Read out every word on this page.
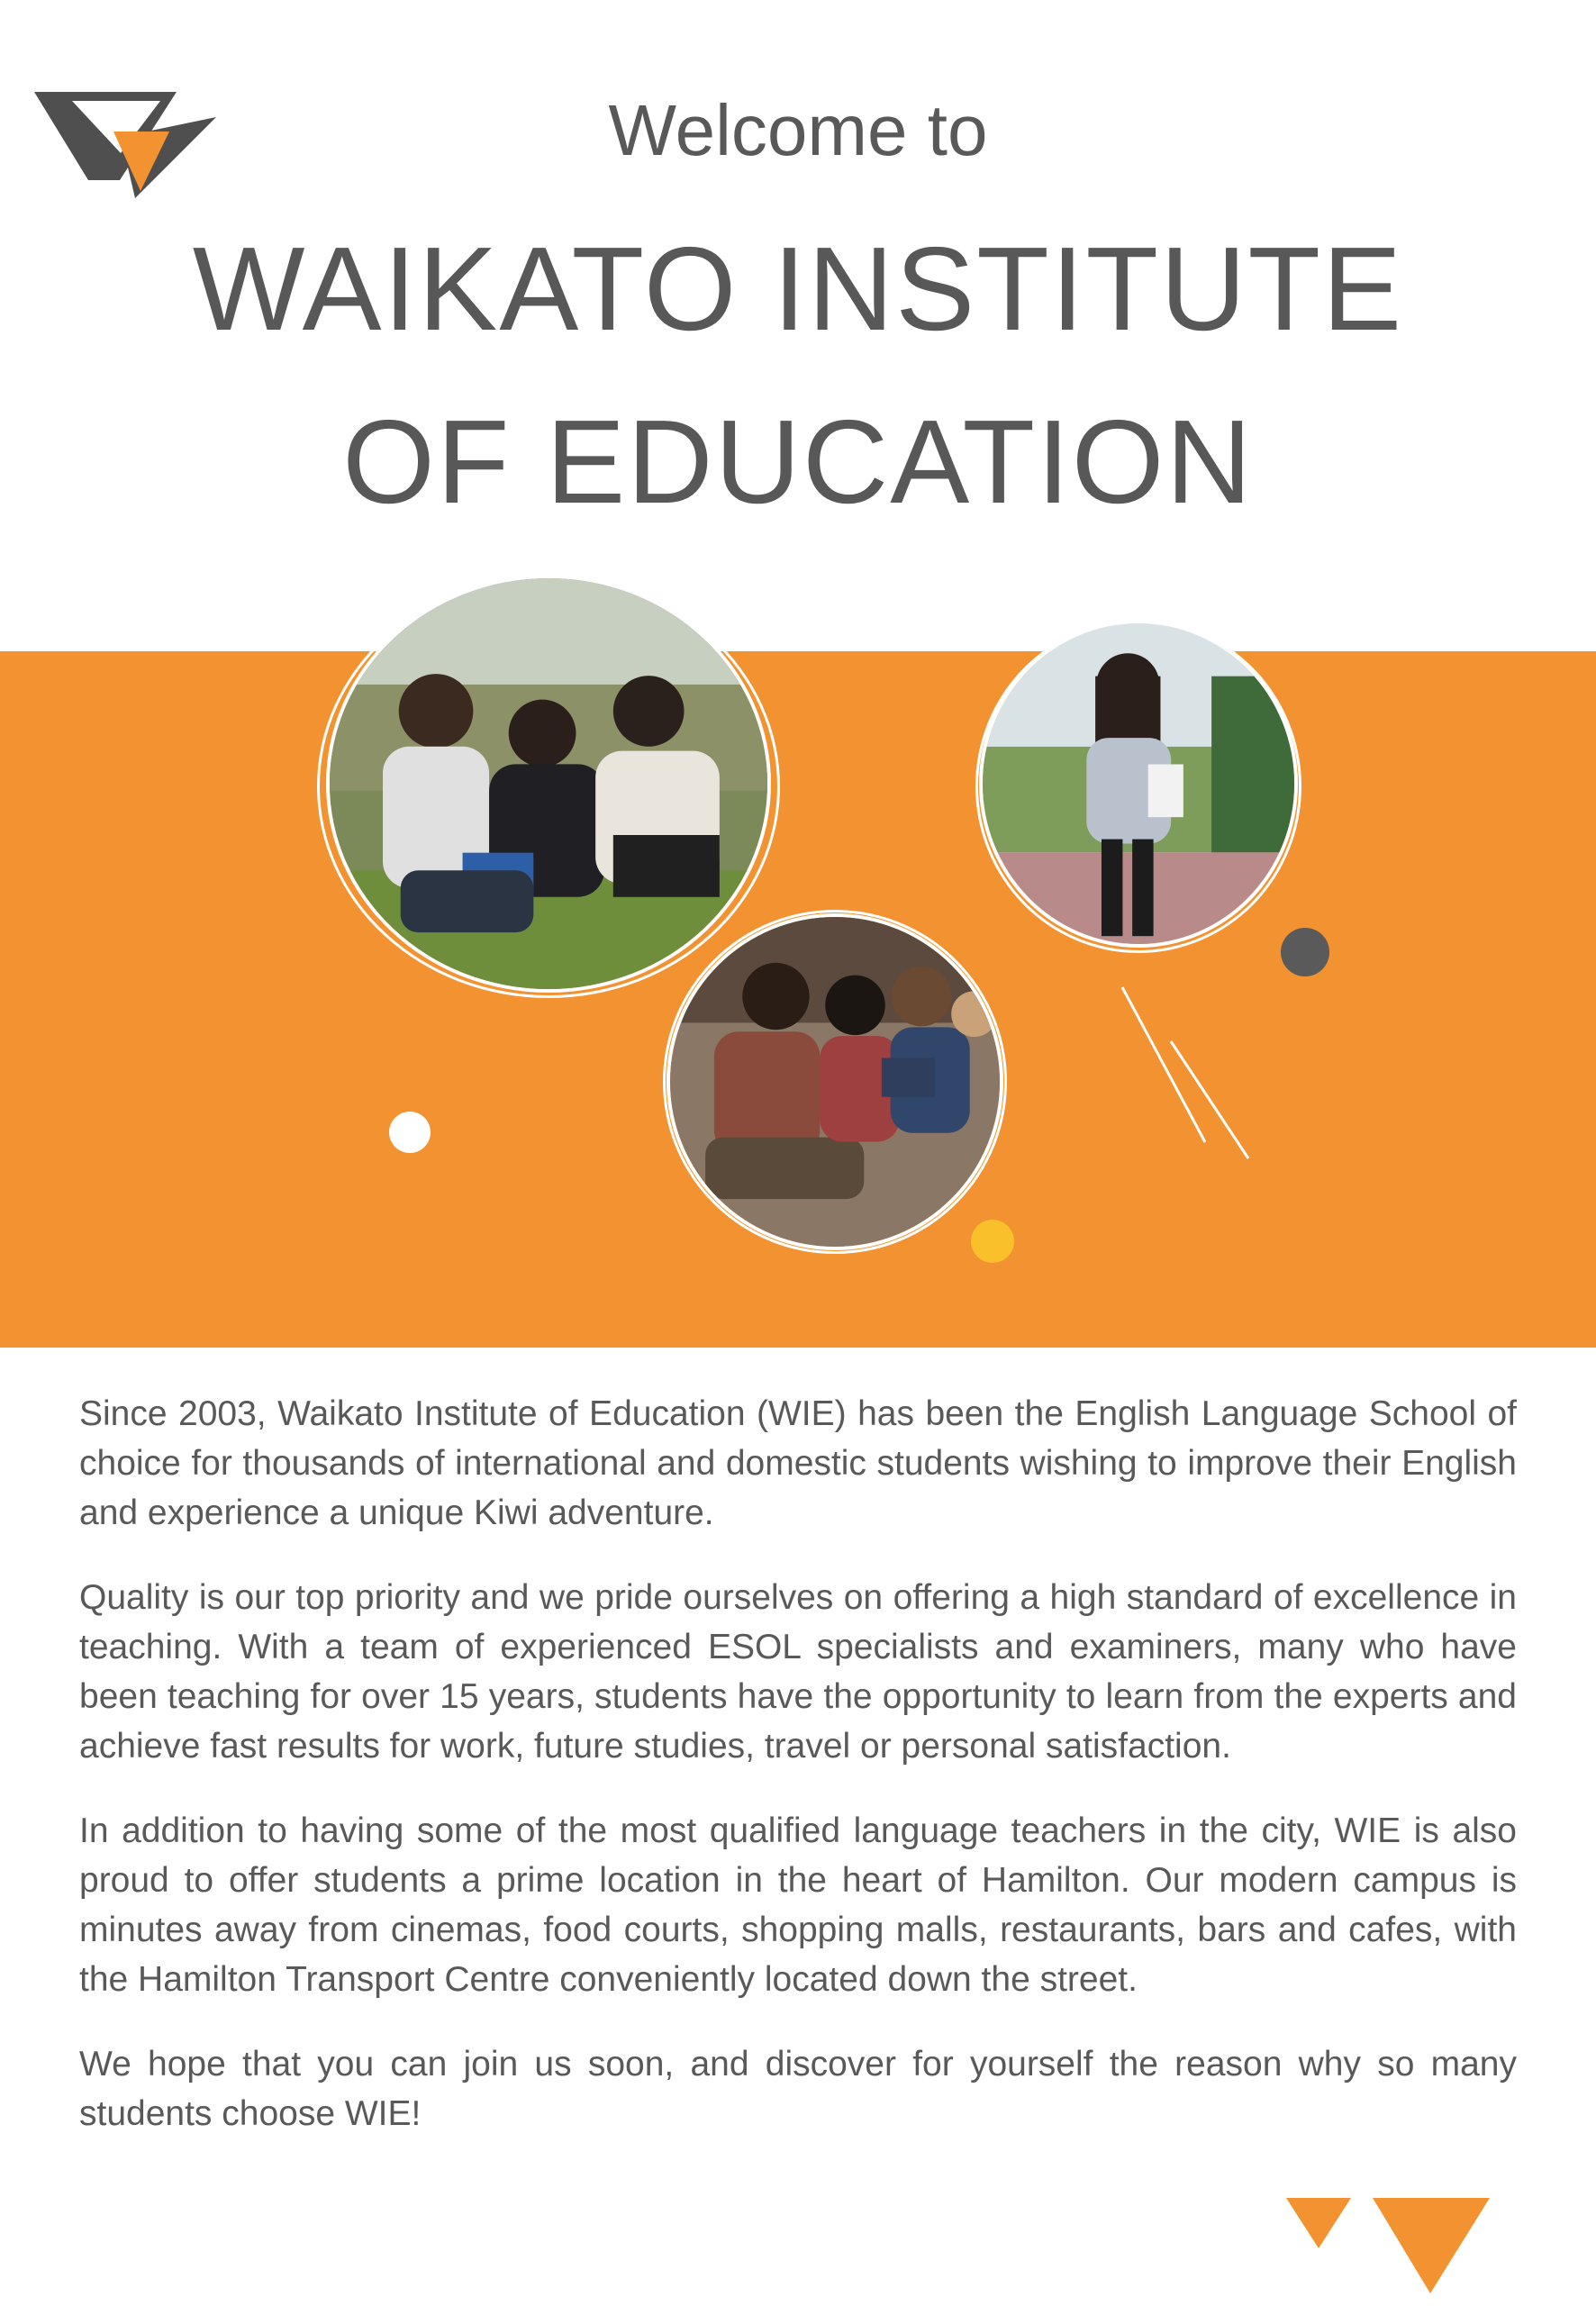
Welcome to
WAIKATO INSTITUTE
OF EDUCATION

Since 2003, Waikato Institute of Education (WIE) has been the English Language School of choice for thousands of international and domestic students wishing to improve their English and experience a unique Kiwi adventure.

Quality is our top priority and we pride ourselves on offering a high standard of excellence in teaching. With a team of experienced ESOL specialists and examiners, many who have been teaching for over 15 years, students have the opportunity to learn from the experts and achieve fast results for work, future studies, travel or personal satisfaction.

In addition to having some of the most qualified language teachers in the city, WIE is also proud to offer students a prime location in the heart of Hamilton. Our modern campus is minutes away from cinemas, food courts, shopping malls, restaurants, bars and cafes, with the Hamilton Transport Centre conveniently located down the street.

We hope that you can join us soon, and discover for yourself the reason why so many students choose WIE!
